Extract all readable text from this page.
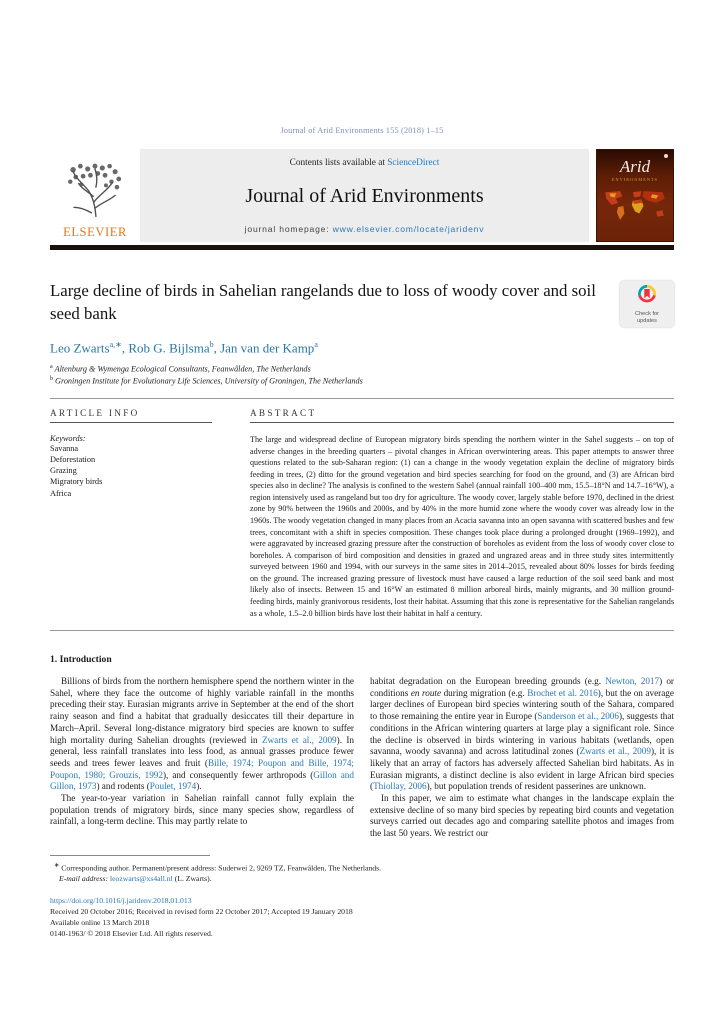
Journal of Arid Environments 155 (2018) 1–15
ELSEVIER
Contents lists available at ScienceDirect
Journal of Arid Environments
journal homepage: www.elsevier.com/locate/jaridenv
Arid
ENVIRONMENTS
Large decline of birds in Sahelian rangelands due to loss of woody cover and soil seed bank	Check for updates
Leo Zwarts$^{a,∗}$, Rob G. Bijlsma$^b$, Jan van der Kamp$^a$
$^a$ Altenburg & Wymenga Ecological Consultants, Feanwâlden, The Netherlands
$^b$ Groningen Institute for Evolutionary Life Sciences, University of Groningen, The Netherlands
ARTICLE INFO
Keywords:
Savanna
Deforestation
Grazing
Migratory birds
Africa
ABSTRACT
The large and widespread decline of European migratory birds spending the northern winter in the Sahel suggests – on top of adverse changes in the breeding quarters – pivotal changes in African overwintering areas. This paper attempts to answer three questions related to the sub-Saharan region: (1) can a change in the woody vegetation explain the decline of migratory birds feeding in trees, (2) ditto for the ground vegetation and bird species searching for food on the ground, and (3) are African bird species also in decline? The analysis is confined to the western Sahel (annual rainfall 100–400 mm, 15.5–18°N and 14.7–16°W), a region intensively used as rangeland but too dry for agriculture. The woody cover, largely stable before 1970, declined in the driest zone by 90% between the 1960s and 2000s, and by 40% in the more humid zone where the woody cover was already low in the 1960s. The woody vegetation changed in many places from an Acacia savanna into an open savanna with scattered bushes and few trees, concomitant with a shift in species composition. These changes took place during a prolonged drought (1969–1992), and were aggravated by increased grazing pressure after the construction of boreholes as evident from the loss of woody cover close to boreholes. A comparison of bird composition and densities in grazed and ungrazed areas and in three study sites intermittently surveyed between 1960 and 1994, with our surveys in the same sites in 2014–2015, revealed about 80% losses for birds feeding on the ground. The increased grazing pressure of livestock must have caused a large reduction of the soil seed bank and most likely also of insects. Between 15 and 16°W an estimated 8 million arboreal birds, mainly migrants, and 30 million ground-feeding birds, mainly granivorous residents, lost their habitat. Assuming that this zone is representative for the Sahelian rangelands as a whole, 1.5–2.0 billion birds have lost their habitat in half a century.
1. Introduction

Billions of birds from the northern hemisphere spend the northern winter in the Sahel, where they face the outcome of highly variable rainfall in the months preceding their stay. Eurasian migrants arrive in September at the end of the short rainy season and find a habitat that gradually desiccates till their departure in March–April. Several long-distance migratory bird species are known to suffer high mortality during Sahelian droughts (reviewed in Zwarts et al., 2009). In general, less rainfall translates into less food, as annual grasses produce fewer seeds and trees fewer leaves and fruit (Bille, 1974; Poupon and Bille, 1974; Poupon, 1980; Grouzis, 1992), and consequently fewer arthropods (Gillon and Gillon, 1973) and rodents (Poulet, 1974).

The year-to-year variation in Sahelian rainfall cannot fully explain the population trends of migratory birds, since many species show, regardless of rainfall, a long-term decline. This may partly relate to

habitat degradation on the European breeding grounds (e.g. Newton, 2017) or conditions en route during migration (e.g. Brochet et al. 2016), but the on average larger declines of European bird species wintering south of the Sahara, compared to those remaining the entire year in Europe (Sanderson et al., 2006), suggests that conditions in the African wintering quarters at large play a significant role. Since the decline is observed in birds wintering in various habitats (wetlands, open savanna, woody savanna) and across latitudinal zones (Zwarts et al., 2009), it is likely that an array of factors has adversely affected Sahelian bird habitats. As in Eurasian migrants, a distinct decline is also evident in large African bird species (Thiollay, 2006), but population trends of resident passerines are unknown.

In this paper, we aim to estimate what changes in the landscape explain the extensive decline of so many bird species by repeating bird counts and vegetation surveys carried out decades ago and comparing satellite photos and images from the last 50 years. We restrict our

∗ Corresponding author. Permanent/present address: Suderwei 2, 9269 TZ, Feanwâlden, The Netherlands.
E-mail address: leozwarts@xs4all.nl (L. Zwarts).
https://doi.org/10.1016/j.jaridenv.2018.01.013
Received 20 October 2016; Received in revised form 22 October 2017; Accepted 19 January 2018
Available online 13 March 2018
0140-1963/ © 2018 Elsevier Ltd. All rights reserved.
